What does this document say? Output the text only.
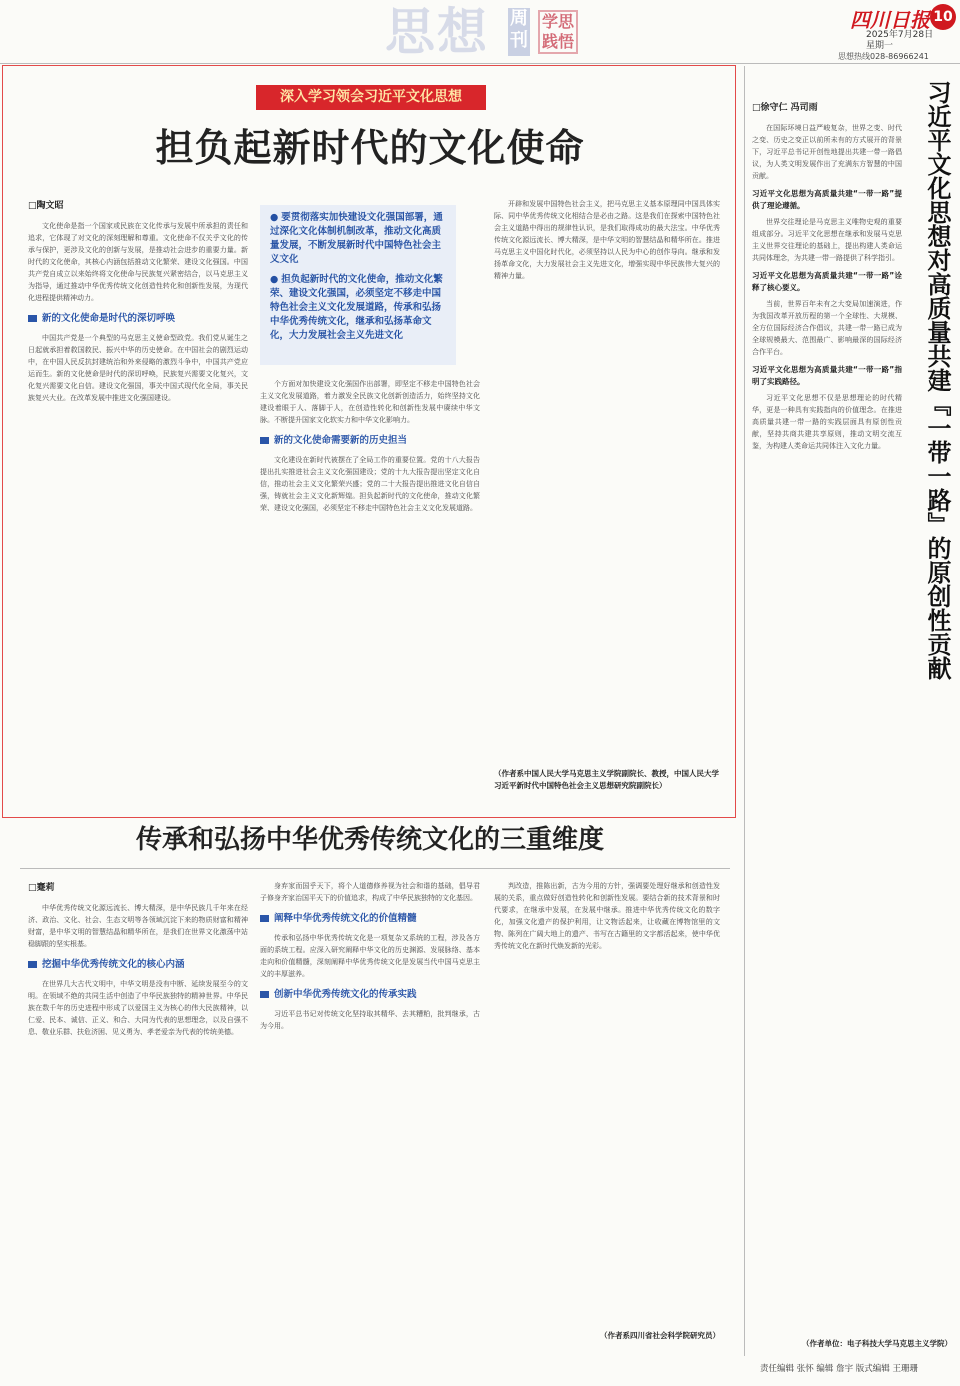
思想 周刊
学思践悟
四川日报 10
2025年7月28日
星期一
思想热线028-86966241
深入学习领会习近平文化思想
担负起新时代的文化使命
□陶文昭

文化使命是指一个国家或民族在文化传承与发展中所承担的责任和追求，它体现了对文化的深刻理解和尊重。文化使命不仅关乎文化的传承与保护，更涉及文化的创新与发展，是推动社会进步的重要力量。新时代的文化使命，其核心内涵包括推动文化繁荣、建设文化强国。中国共产党自成立以来始终将文化使命与民族复兴紧密结合，以马克思主义为指导，通过推动中华优秀传统文化创造性转化和创新性发展，为现代化进程提供精神动力。

新的文化使命是时代的深切呼唤

中国共产党是一个典型的马克思主义使命型政党。我们党从诞生之日起就承担着救国救民、振兴中华的历史使命。在中国社会的剧烈运动中，在中国人民反抗封建统治和外来侵略的激烈斗争中，中国共产党应运而生。新的文化使命是时代的深切呼唤，民族复兴需要文化复兴，文化复兴需要文化自信。建设文化强国，事关中国式现代化全局，事关民族复兴大业。在改革发展中推进文化强国建设。

● 要贯彻落实加快建设文化强国部署，通过深化文化体制机制改革，推动文化高质量发展，不断发展新时代中国特色社会主义文化

● 担负起新时代的文化使命，推动文化繁荣、建设文化强国，必须坚定不移走中国特色社会主义文化发展道路，传承和弘扬中华优秀传统文化，继承和弘扬革命文化，大力发展社会主义先进文化

个方面对加快建设文化强国作出部署，即坚定不移走中国特色社会主义文化发展道路，着力激发全民族文化创新创造活力，始终坚持文化建设着眼于人、落脚于人，在创造性转化和创新性发展中赓续中华文脉。不断提升国家文化软实力和中华文化影响力。

新的文化使命需要新的历史担当

文化建设在新时代被摆在了全局工作的重要位置。党的十八大报告提出扎实推进社会主义文化强国建设；党的十九大报告提出坚定文化自信，推动社会主义文化繁荣兴盛；党的二十大报告提出推进文化自信自强，铸就社会主义文化新辉煌。担负起新时代的文化使命，推动文化繁荣、建设文化强国，必须坚定不移走中国特色社会主义文化发展道路。

开辟和发展中国特色社会主义，把马克思主义基本原理同中国具体实际、同中华优秀传统文化相结合是必由之路。这是我们在探索中国特色社会主义道路中得出的规律性认识，是我们取得成功的最大法宝。中华优秀传统文化源远流长、博大精深，是中华文明的智慧结晶和精华所在。推进马克思主义中国化时代化，必须坚持以人民为中心的创作导向。继承和发扬革命文化，大力发展社会主义先进文化，增强实现中华民族伟大复兴的精神力量。

（作者系中国人民大学马克思主义学院副院长、教授，中国人民大学习近平新时代中国特色社会主义思想研究院副院长）
传承和弘扬中华优秀传统文化的三重维度
□蹇莉

中华优秀传统文化源远流长、博大精深，是中华民族几千年来在经济、政治、文化、社会、生态文明等各领域沉淀下来的物质财富和精神财富，是中华文明的智慧结晶和精华所在，是我们在世界文化激荡中站稳脚跟的坚实根基。

挖掘中华优秀传统文化的核心内涵

在世界几大古代文明中，中华文明是没有中断、延续发展至今的文明。在领域不绝的共同生活中创造了中华民族独特的精神世界。中华民族在数千年的历史进程中形成了以爱国主义为核心的伟大民族精神，以仁爱、民本、诚信、正义、和合、大同为代表的思想理念，以及自强不息、敬业乐群、扶危济困、见义勇为、孝老爱亲为代表的传统美德。

身弃家而国乎天下，将个人道德修养视为社会和谐的基础，倡导君子修身齐家治国平天下的价值追求，构成了中华民族独特的文化基因。

阐释中华优秀传统文化的价值精髓

传承和弘扬中华优秀传统文化是一项复杂又系统的工程，涉及各方面的系统工程。应深入研究阐释中华文化的历史渊源、发展脉络、基本走向和价值精髓，深刻阐释中华优秀传统文化是发展当代中国马克思主义的丰厚滋养。

创新中华优秀传统文化的传承实践

习近平总书记对传统文化坚持取其精华、去其糟粕，批判继承，古为今用。

判改造，推陈出新，古为今用的方针，强调要处理好继承和创造性发展的关系，重点做好创造性转化和创新性发展。要结合新的技术背景和时代要求，在继承中发展，在发展中继承。推进中华优秀传统文化的数字化，加强文化遗产的保护利用，让文物活起来，让收藏在博物馆里的文物、陈列在广阔大地上的遗产、书写在古籍里的文字都活起来，使中华优秀传统文化在新时代焕发新的光彩。

（作者系四川省社会科学院研究员）
习近平文化思想对高质量共建『一带一路』的原创性贡献
□徐守仁 冯司雨

在国际环境日益严峻复杂，世界之变、时代之变、历史之变正以前所未有的方式展开的背景下，习近平总书记开创性地提出共建一带一路倡议，为人类文明发展作出了充满东方智慧的中国贡献。

习近平文化思想为高质量共建“一带一路”提供了理论遵循。

世界交往理论是马克思主义唯物史观的重要组成部分。习近平文化思想在继承和发展马克思主义世界交往理论的基础上，提出构建人类命运共同体理念，为共建一带一路提供了科学指引。

习近平文化思想为高质量共建“一带一路”诠释了核心要义。

当前，世界百年未有之大变局加速演进，作为我国改革开放历程的第一个全球性、大规模、全方位国际经济合作倡议，共建一带一路已成为全球规模最大、范围最广、影响最深的国际经济合作平台。

习近平文化思想为高质量共建“一带一路”指明了实践路径。

习近平文化思想不仅是思想理论的时代精华，更是一种具有实践指向的价值理念。在推进高质量共建一带一路的实践层面具有原创性贡献，坚持共商共建共享原则，推动文明交流互鉴，为构建人类命运共同体注入文化力量。

（作者单位：电子科技大学马克思主义学院）
责任编辑 张怀 编辑 詹宇 版式编辑 王珊珊
